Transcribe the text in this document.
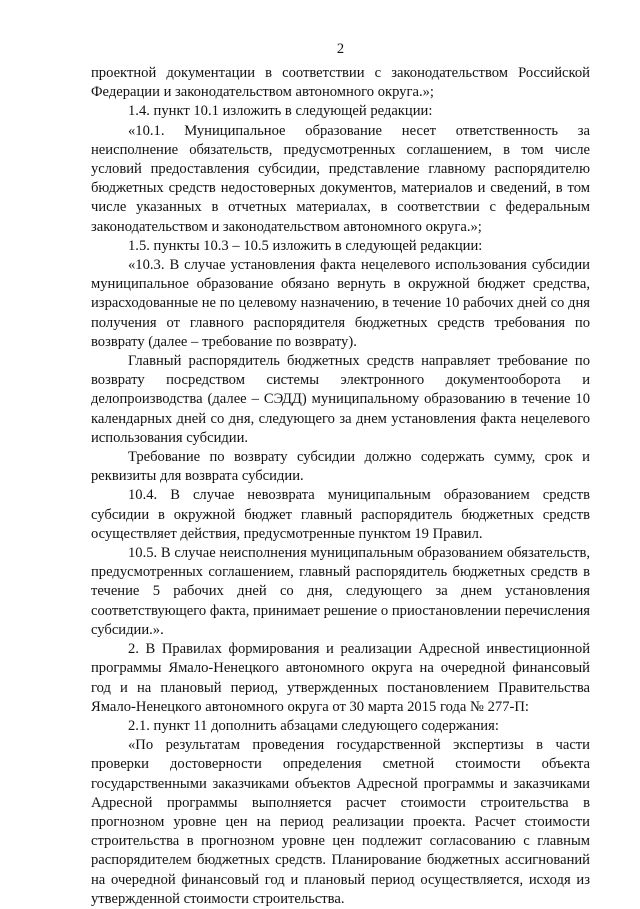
2

проектной документации в соответствии с законодательством Российской Федерации и законодательством автономного округа.»;

1.4. пункт 10.1 изложить в следующей редакции:

«10.1. Муниципальное образование несет ответственность за неисполнение обязательств, предусмотренных соглашением, в том числе условий предоставления субсидии, представление главному распорядителю бюджетных средств недостоверных документов, материалов и сведений, в том числе указанных в отчетных материалах, в соответствии с федеральным законодательством и законодательством автономного округа.»;

1.5. пункты 10.3 – 10.5 изложить в следующей редакции:

«10.3. В случае установления факта нецелевого использования субсидии муниципальное образование обязано вернуть в окружной бюджет средства, израсходованные не по целевому назначению, в течение 10 рабочих дней со дня получения от главного распорядителя бюджетных средств требования по возврату (далее – требование по возврату).

Главный распорядитель бюджетных средств направляет требование по возврату посредством системы электронного документооборота и делопроизводства (далее – СЭДД) муниципальному образованию в течение 10 календарных дней со дня, следующего за днем установления факта нецелевого использования субсидии.

Требование по возврату субсидии должно содержать сумму, срок и реквизиты для возврата субсидии.

10.4. В случае невозврата муниципальным образованием средств субсидии в окружной бюджет главный распорядитель бюджетных средств осуществляет действия, предусмотренные пунктом 19 Правил.

10.5. В случае неисполнения муниципальным образованием обязательств, предусмотренных соглашением, главный распорядитель бюджетных средств в течение 5 рабочих дней со дня, следующего за днем установления соответствующего факта, принимает решение о приостановлении перечисления субсидии.».

2. В Правилах формирования и реализации Адресной инвестиционной программы Ямало-Ненецкого автономного округа на очередной финансовый год и на плановый период, утвержденных постановлением Правительства Ямало-Ненецкого автономного округа от 30 марта 2015 года № 277-П:

2.1. пункт 11 дополнить абзацами следующего содержания:

«По результатам проведения государственной экспертизы в части проверки достоверности определения сметной стоимости объекта государственными заказчиками объектов Адресной программы и заказчиками Адресной программы выполняется расчет стоимости строительства в прогнозном уровне цен на период реализации проекта. Расчет стоимости строительства в прогнозном уровне цен подлежит согласованию с главным распорядителем бюджетных средств. Планирование бюджетных ассигнований на очередной финансовый год и плановый период осуществляется, исходя из утвержденной стоимости строительства.
